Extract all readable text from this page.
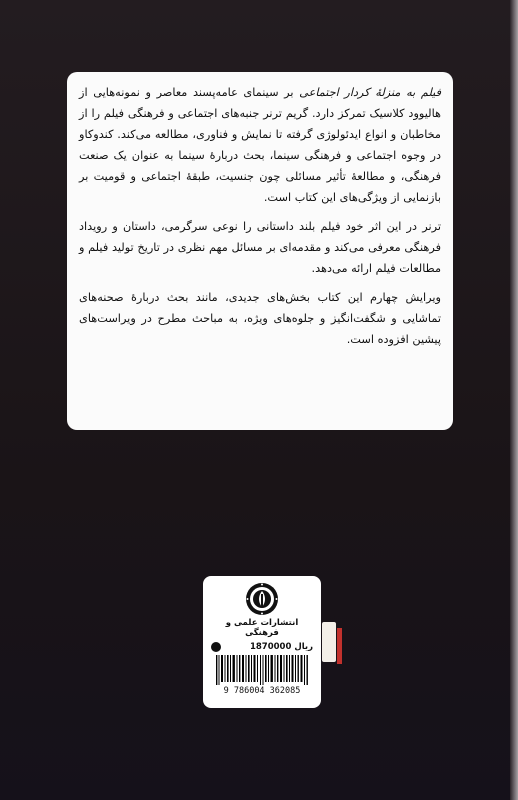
فیلم به منزلهٔ کردار اجتماعی بر سینمای عامه‌پسند معاصر و نمونه‌هایی از هالیوود کلاسیک تمرکز دارد. گریم ترنر جنبه‌های اجتماعی و فرهنگی فیلم را از مخاطبان و انواع ایدئولوژی گرفته تا نمایش و فناوری، مطالعه می‌کند. کندوکاو در وجوه اجتماعی و فرهنگی سینما، بحث دربارهٔ سینما به عنوان یک صنعت فرهنگی، و مطالعهٔ تأثیر مسائلی چون جنسیت، طبقهٔ اجتماعی و قومیت بر بازنمایی از ویژگی‌های این کتاب است.

ترنر در این اثر خود فیلم بلند داستانی را نوعی سرگرمی، داستان و رویداد فرهنگی معرفی می‌کند و مقدمه‌ای بر مسائل مهم نظری در تاریخ تولید فیلم و مطالعات فیلم ارائه می‌دهد.

ویرایش چهارم این کتاب بخش‌های جدیدی، مانند بحث دربارهٔ صحنه‌های تماشایی و شگفت‌انگیز و جلوه‌های ویژه، به مباحث مطرح در ویراست‌های پیشین افزوده است.

انتشارات علمی و فرهنگی
ریال 1870000
9 786004 362085
